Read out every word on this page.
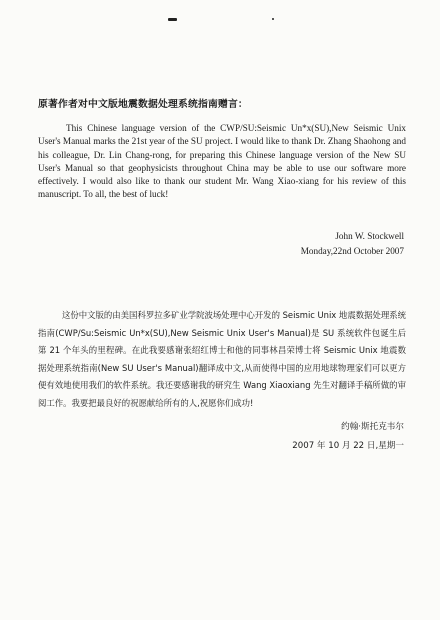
原著作者对中文版地震数据处理系统指南赠言：

This Chinese language version of the CWP/SU:Seismic Un*x(SU),New Seismic Unix User's Manual marks the 21st year of the SU project. I would like to thank Dr. Zhang Shaohong and his colleague, Dr. Lin Chang-rong, for preparing this Chinese language version of the New SU User's Manual so that geophysicists throughout China may be able to use our software more effectively. I would also like to thank our student Mr. Wang Xiao-xiang for his review of this manuscript. To all, the best of luck!

John W. Stockwell
Monday,22nd October 2007

这份中文版的由美国科罗拉多矿业学院波场处理中心开发的 Seismic Unix 地震数据处理系统指南(CWP/Su:Seismic Un*x(SU),New Seismic Unix User's Manual)是 SU 系统软件包诞生后第 21 个年头的里程碑。在此我要感谢张绍红博士和他的同事林昌荣博士将 Seismic Unix 地震数据处理系统指南(New SU User's Manual)翻译成中文,从而使得中国的应用地球物理家们可以更方便有效地使用我们的软件系统。我还要感谢我的研究生 Wang Xiaoxiang 先生对翻译手稿所做的审阅工作。我要把最良好的祝愿献给所有的人,祝愿你们成功!

约翰·斯托克韦尔
2007 年 10 月 22 日,星期一
